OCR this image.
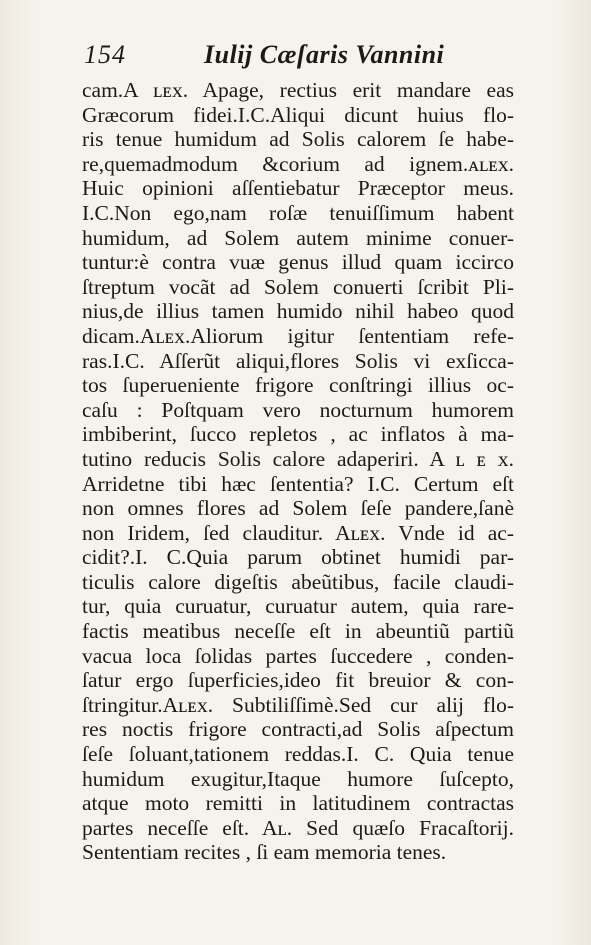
154	Iulij Cæſaris Vannini
cam.A ʟᴇx. Apage, rectius erit mandare eas
Græcorum fidei.I.C.Aliqui dicunt huius flo-
ris tenue humidum ad Solis calorem ſe habe-
re,quemadmodum &corium ad ignem.ᴀʟᴇx.
Huic opinioni aſſentiebatur Præceptor meus.
I.C.Non ego,nam roſæ tenuiſſimum habent
humidum, ad Solem autem minime conuer-
tuntur:è contra vuæ genus illud quam iccirco
ſtreptum vocãt ad Solem conuerti ſcribit Pli-
nius,de illius tamen humido nihil habeo quod
dicam.Aʟᴇx.Aliorum igitur ſententiam refe-
ras.I.C. Aſſerũt aliqui,flores Solis vi exſicca-
tos ſuperueniente frigore conſtringi illius oc-
caſu : Poſtquam vero nocturnum humorem
imbiberint, ſucco repletos , ac inflatos à ma-
tutino reducis Solis calore adaperiri. A ʟ ᴇ x.
Arridetne tibi hæc ſententia? I.C. Certum eſt
non omnes flores ad Solem ſeſe pandere,ſanè
non Iridem, ſed clauditur. Aʟᴇx. Vnde id ac-
cidit?.I. C.Quia parum obtinet humidi par-
ticulis calore digeſtis abeũtibus, facile claudi-
tur, quia curuatur, curuatur autem, quia rare-
factis meatibus neceſſe eſt in abeuntiũ partiũ
vacua loca ſolidas partes ſuccedere , conden-
ſatur ergo ſuperficies,ideo fit breuior & con-
ſtringitur.Aʟᴇx. Subtiliſſimè.Sed cur alij flo-
res noctis frigore contracti,ad Solis aſpectum
ſeſe ſoluant,tationem reddas.I. C. Quia tenue
humidum exugitur,Itaque humore ſuſcepto,
atque moto remitti in latitudinem contractas
partes neceſſe eſt. Aʟ. Sed quæſo Fracaſtorij.
Sententiam recites , ſi eam memoria tenes.
